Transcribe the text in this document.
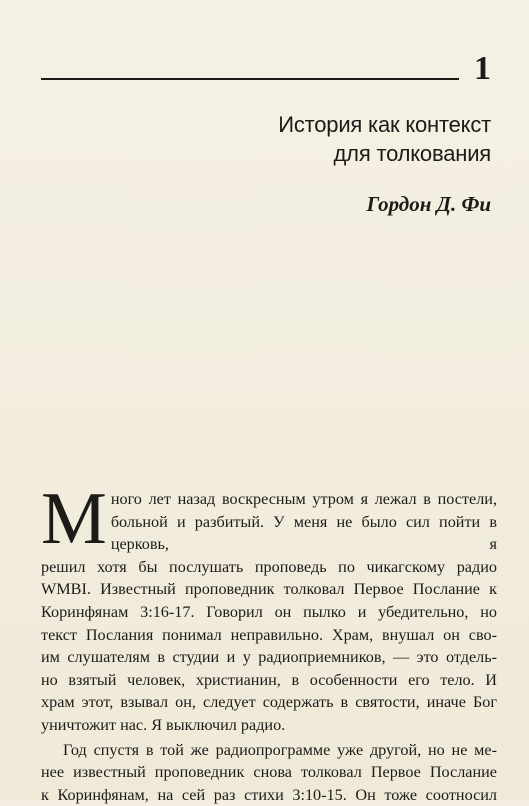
1
История как контекст
для толкования
Гордон Д. Фи

М ного лет назад воскресным утром я лежал в постели,
больной и разбитый. У меня не было сил пойти в церковь, я
решил хотя бы послушать проповедь по чикагскому радио
WMBI. Известный проповедник толковал Первое Послание к
Коринфянам 3:16-17. Говорил он пылко и убедительно, но
текст Послания понимал неправильно. Храм, внушал он сво-
им слушателям в студии и у радиоприемников, — это отдель-
но взятый человек, христианин, в особенности его тело. И
храм этот, взывал он, следует содержать в святости, иначе Бог
уничтожит нас. Я выключил радио.

Год спустя в той же радиопрограмме уже другой, но не ме-
нее известный проповедник снова толковал Первое Послание
к Коринфянам, на сей раз стихи 3:10-15. Он тоже соотносил
